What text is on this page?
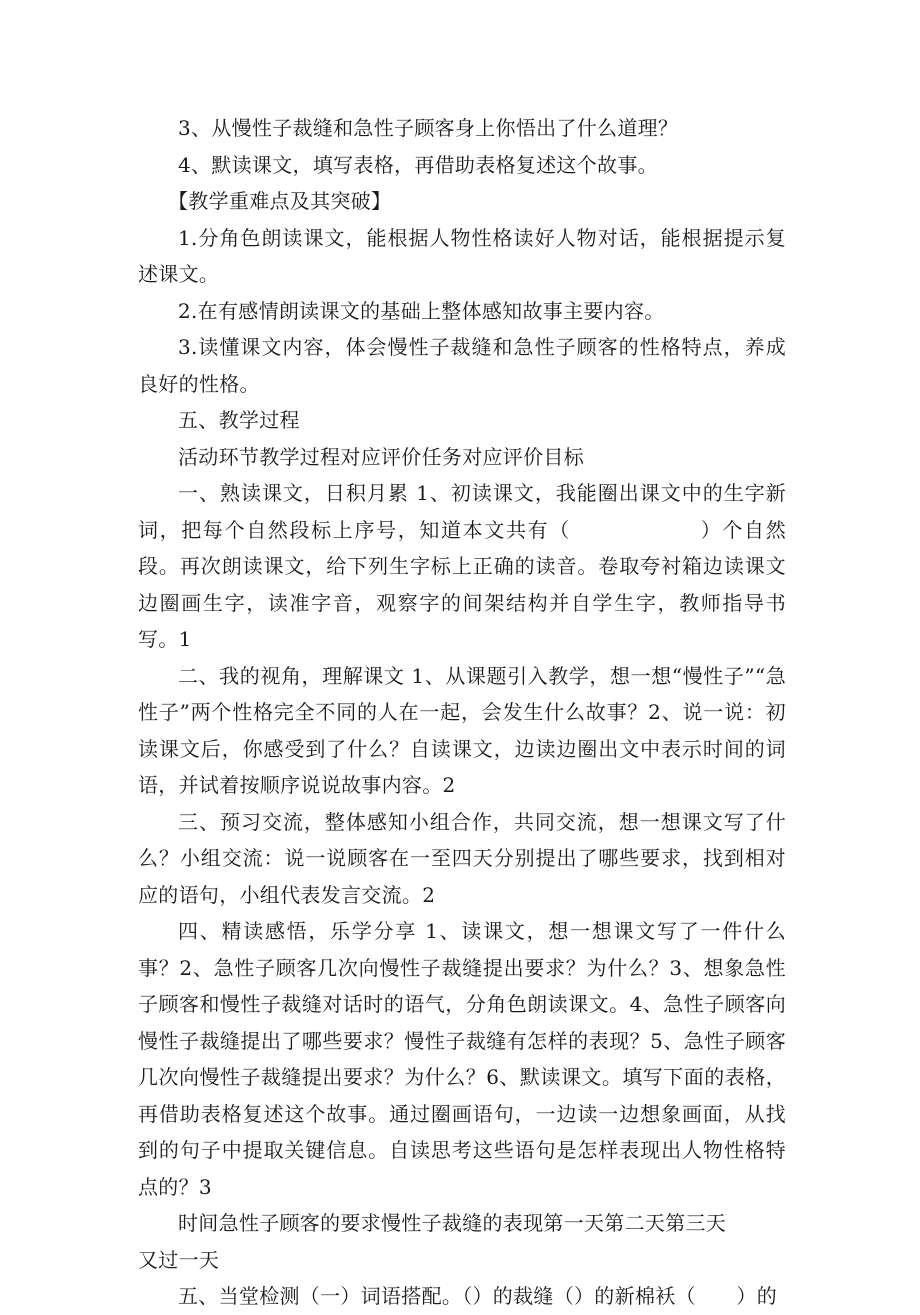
3、从慢性子裁缝和急性子顾客身上你悟出了什么道理？

4、默读课文，填写表格，再借助表格复述这个故事。

【教学重难点及其突破】

1.分角色朗读课文，能根据人物性格读好人物对话，能根据提示复述课文。

2.在有感情朗读课文的基础上整体感知故事主要内容。

3.读懂课文内容，体会慢性子裁缝和急性子顾客的性格特点，养成良好的性格。

五、教学过程

活动环节教学过程对应评价任务对应评价目标

一、熟读课文，日积月累 1、初读课文，我能圈出课文中的生字新词，把每个自然段标上序号，知道本文共有（　　　　　　）个自然段。再次朗读课文，给下列生字标上正确的读音。卷取夸衬箱边读课文边圈画生字，读准字音，观察字的间架结构并自学生字，教师指导书写。1

二、我的视角，理解课文 1、从课题引入教学，想一想“慢性子”“急性子”两个性格完全不同的人在一起，会发生什么故事？2、说一说：初读课文后，你感受到了什么？自读课文，边读边圈出文中表示时间的词语，并试着按顺序说说故事内容。2

三、预习交流，整体感知小组合作，共同交流，想一想课文写了什么？小组交流：说一说顾客在一至四天分别提出了哪些要求，找到相对应的语句，小组代表发言交流。2

四、精读感悟，乐学分享 1、读课文，想一想课文写了一件什么事？2、急性子顾客几次向慢性子裁缝提出要求？为什么？3、想象急性子顾客和慢性子裁缝对话时的语气，分角色朗读课文。4、急性子顾客向慢性子裁缝提出了哪些要求？慢性子裁缝有怎样的表现？5、急性子顾客几次向慢性子裁缝提出要求？为什么？6、默读课文。填写下面的表格，再借助表格复述这个故事。通过圈画语句，一边读一边想象画面，从找到的句子中提取关键信息。自读思考这些语句是怎样表现出人物性格特点的？3

时间急性子顾客的要求慢性子裁缝的表现第一天第二天第三天

又过一天

五、当堂检测（一）词语搭配。（）的裁缝（）的新棉袄（　　）的
